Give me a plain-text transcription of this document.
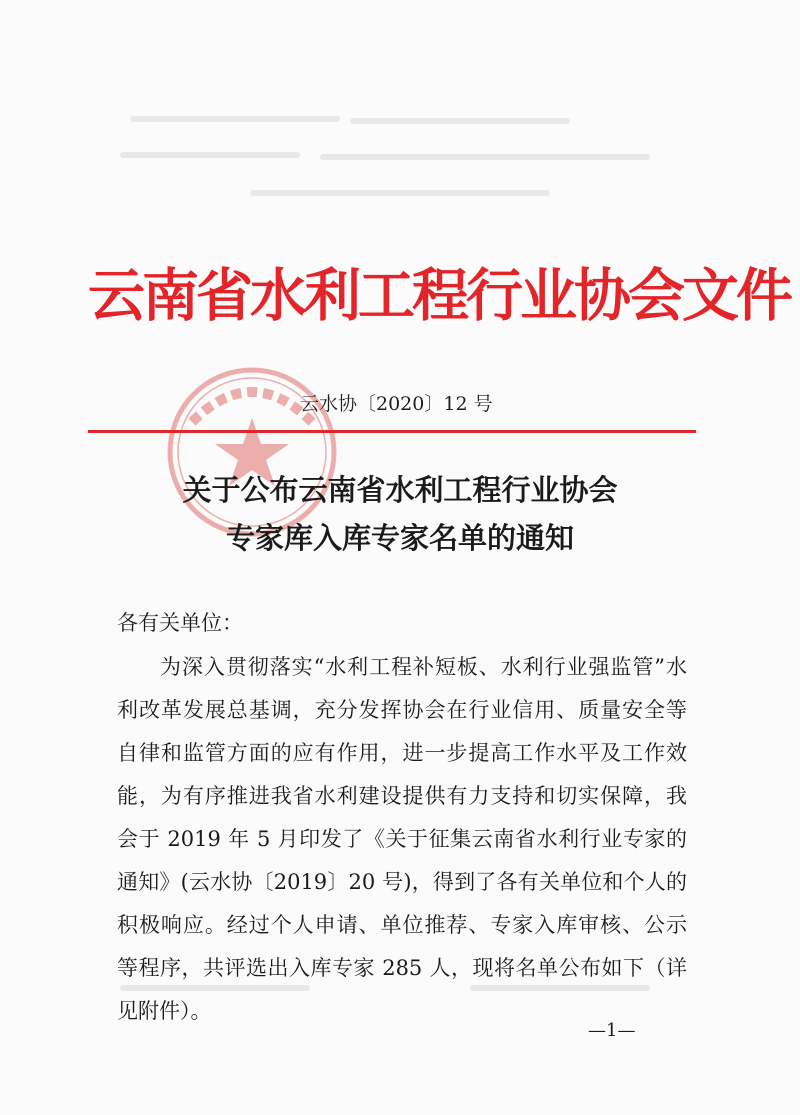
云南省水利工程行业协会文件
云水协〔2020〕12 号
关于公布云南省水利工程行业协会
专家库入库专家名单的通知
各有关单位：
为深入贯彻落实“水利工程补短板、水利行业强监管”水
利改革发展总基调，充分发挥协会在行业信用、质量安全等
自律和监管方面的应有作用，进一步提高工作水平及工作效
能，为有序推进我省水利建设提供有力支持和切实保障，我
会于 2019 年 5 月印发了《关于征集云南省水利行业专家的
通知》(云水协〔2019〕20 号)，得到了各有关单位和个人的
积极响应。经过个人申请、单位推荐、专家入库审核、公示
等程序，共评选出入库专家 285 人，现将名单公布如下（详
见附件）。
—1—
